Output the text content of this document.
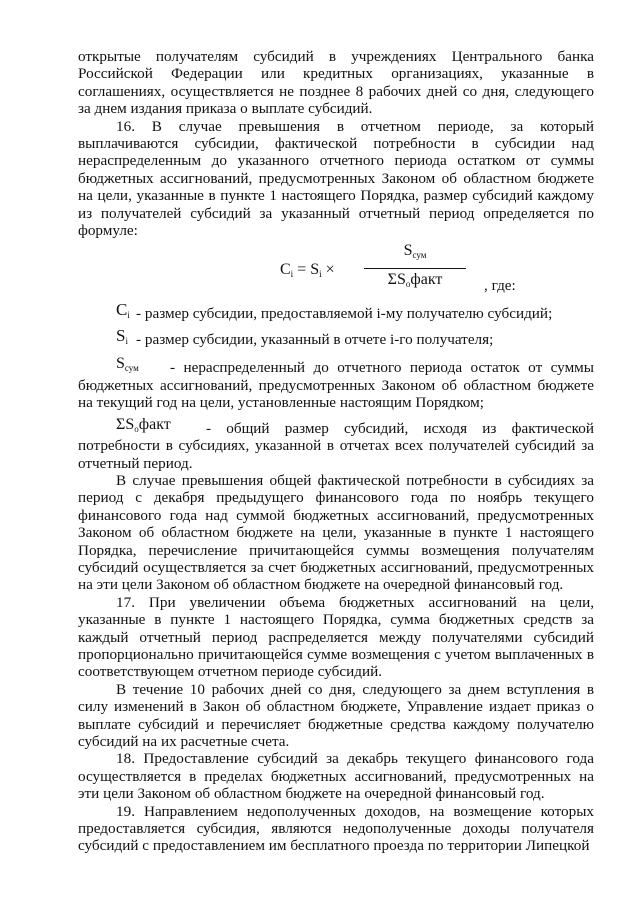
открытые получателям субсидий в учреждениях Центрального банка Российской Федерации или кредитных организациях, указанные в соглашениях, осуществляется не позднее 8 рабочих дней со дня, следующего за днем издания приказа о выплате субсидий.

16. В случае превышения в отчетном периоде, за который выплачиваются субсидии, фактической потребности в субсидии над нераспределенным до указанного отчетного периода остатком от суммы бюджетных ассигнований, предусмотренных Законом об областном бюджете на цели, указанные в пункте 1 настоящего Порядка, размер субсидий каждому из получателей субсидий за указанный отчетный период определяется по формуле:

$C_i = S_i$ ×
$S_{сум}$
$\Sigma S_офакт$	, где:
$C_i$ - размер субсидии, предоставляемой i-му получателю субсидий;
$S_i$ - размер субсидии, указанный в отчете i-го получателя;
$S_{сум}$	- нераспределенный до отчетного периода остаток от суммы бюджетных ассигнований, предусмотренных Законом об областном бюджете на текущий год на цели, установленные настоящим Порядком;

$\Sigma S_офакт$	- общий размер субсидий, исходя из фактической потребности в субсидиях, указанной в отчетах всех получателей субсидий за отчетный период.

В случае превышения общей фактической потребности в субсидиях за период с декабря предыдущего финансового года по ноябрь текущего финансового года над суммой бюджетных ассигнований, предусмотренных Законом об областном бюджете на цели, указанные в пункте 1 настоящего Порядка, перечисление причитающейся суммы возмещения получателям субсидий осуществляется за счет бюджетных ассигнований, предусмотренных на эти цели Законом об областном бюджете на очередной финансовый год.

17. При увеличении объема бюджетных ассигнований на цели, указанные в пункте 1 настоящего Порядка, сумма бюджетных средств за каждый отчетный период распределяется между получателями субсидий пропорционально причитающейся сумме возмещения с учетом выплаченных в соответствующем отчетном периоде субсидий.

В течение 10 рабочих дней со дня, следующего за днем вступления в силу изменений в Закон об областном бюджете, Управление издает приказ о выплате субсидий и перечисляет бюджетные средства каждому получателю субсидий на их расчетные счета.

18. Предоставление субсидий за декабрь текущего финансового года осуществляется в пределах бюджетных ассигнований, предусмотренных на эти цели Законом об областном бюджете на очередной финансовый год.

19. Направлением недополученных доходов, на возмещение которых предоставляется субсидия, являются недополученные доходы получателя субсидий с предоставлением им бесплатного проезда по территории Липецкой
